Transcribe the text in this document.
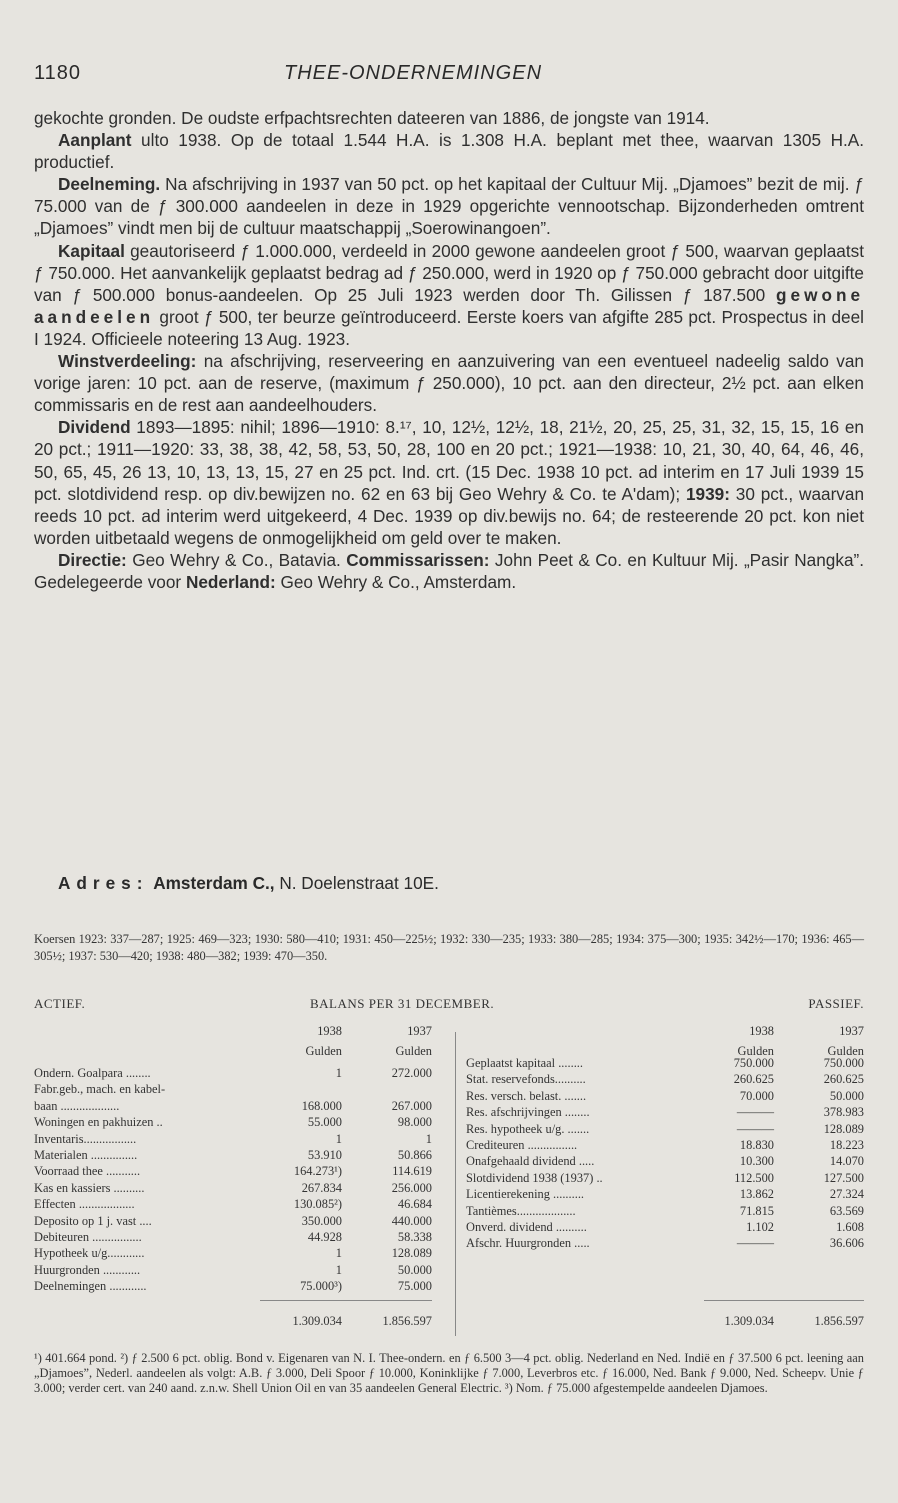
1180	THEE-ONDERNEMINGEN

gekochte gronden. De oudste erfpachtsrechten dateeren van 1886, de jongste van 1914.

Aanplant ulto 1938. Op de totaal 1.544 H.A. is 1.308 H.A. beplant met thee, waarvan 1305 H.A. productief.

Deelneming. Na afschrijving in 1937 van 50 pct. op het kapitaal der Cultuur Mij. „Djamoes” bezit de mij. ƒ 75.000 van de ƒ 300.000 aandeelen in deze in 1929 opgerichte vennootschap. Bijzonderheden omtrent „Djamoes” vindt men bij de cultuur maatschappij „Soerowinangoen”.

Kapitaal geautoriseerd ƒ 1.000.000, verdeeld in 2000 gewone aandeelen groot ƒ 500, waarvan geplaatst ƒ 750.000. Het aanvankelijk geplaatst bedrag ad ƒ 250.000, werd in 1920 op ƒ 750.000 gebracht door uitgifte van ƒ 500.000 bonus-aandeelen. Op 25 Juli 1923 werden door Th. Gilissen ƒ 187.500 gewone aandeelen groot ƒ 500, ter beurze geïntroduceerd. Eerste koers van afgifte 285 pct. Prospectus in deel I 1924. Officieele noteering 13 Aug. 1923.

Winstverdeeling: na afschrijving, reserveering en aanzuivering van een eventueel nadeelig saldo van vorige jaren: 10 pct. aan de reserve, (maximum ƒ 250.000), 10 pct. aan den directeur, 2½ pct. aan elken commissaris en de rest aan aandeelhouders.

Dividend 1893—1895: nihil; 1896—1910: 8.¹⁷, 10, 12½, 12½, 18, 21½, 20, 25, 25, 31, 32, 15, 15, 16 en 20 pct.; 1911—1920: 33, 38, 38, 42, 58, 53, 50, 28, 100 en 20 pct.; 1921—1938: 10, 21, 30, 40, 64, 46, 46, 50, 65, 45, 26 13, 10, 13, 13, 15, 27 en 25 pct. Ind. crt. (15 Dec. 1938 10 pct. ad interim en 17 Juli 1939 15 pct. slotdividend resp. op div.bewijzen no. 62 en 63 bij Geo Wehry & Co. te A'dam); 1939: 30 pct., waarvan reeds 10 pct. ad interim werd uitgekeerd, 4 Dec. 1939 op div.bewijs no. 64; de resteerende 20 pct. kon niet worden uitbetaald wegens de onmogelijkheid om geld over te maken.

Directie: Geo Wehry & Co., Batavia. Commissarissen: John Peet & Co. en Kultuur Mij. „Pasir Nangka”. Gedelegeerde voor Nederland: Geo Wehry & Co., Amsterdam.

Adres: Amsterdam C., N. Doelenstraat 10E.
Koersen 1923: 337—287; 1925: 469—323; 1930: 580—410; 1931: 450—225½; 1932: 330—235; 1933: 380—285; 1934: 375—300; 1935: 342½—170; 1936: 465—305½; 1937: 530—420; 1938: 480—382; 1939: 470—350.
ACTIEF.	BALANS PER 31 DECEMBER.	PASSIEF.
1938	1937
Gulden	Gulden
1938	1937
Gulden	Gulden
Ondern. Goalpara ........	1	272.000
Fabr.geb., mach. en kabel-
baan ...................	168.000	267.000
Woningen en pakhuizen ..	55.000	98.000
Inventaris.................	1	1
Materialen ...............	53.910	50.866
Voorraad thee ...........	164.273¹)	114.619
Kas en kassiers ..........	267.834	256.000
Effecten ..................	130.085²)	46.684
Deposito op 1 j. vast ....	350.000	440.000
Debiteuren ................	44.928	58.338
Hypotheek u/g............	1	128.089
Huurgronden ............	1	50.000
Deelnemingen ............	75.000³)	75.000
Geplaatst kapitaal ........	750.000	750.000
Stat. reservefonds..........	260.625	260.625
Res. versch. belast. .......	70.000	50.000
Res. afschrijvingen ........	———	378.983
Res. hypotheek u/g. .......	———	128.089
Crediteuren ................	18.830	18.223
Onafgehaald dividend .....	10.300	14.070
Slotdividend 1938 (1937) ..	112.500	127.500
Licentierekening ..........	13.862	27.324
Tantièmes...................	71.815	63.569
Onverd. dividend ..........	1.102	1.608
Afschr. Huurgronden .....	———	36.606
1.309.034	1.856.597	1.309.034	1.856.597
¹) 401.664 pond. ²) ƒ 2.500 6 pct. oblig. Bond v. Eigenaren van N. I. Thee-ondern. en ƒ 6.500 3—4 pct. oblig. Nederland en Ned. Indië en ƒ 37.500 6 pct. leening aan „Djamoes”, Nederl. aandeelen als volgt: A.B. ƒ 3.000, Deli Spoor ƒ 10.000, Koninklijke ƒ 7.000, Leverbros etc. ƒ 16.000, Ned. Bank ƒ 9.000, Ned. Scheepv. Unie ƒ 3.000; verder cert. van 240 aand. z.n.w. Shell Union Oil en van 35 aandeelen General Electric. ³) Nom. ƒ 75.000 afgestempelde aandeelen Djamoes.
